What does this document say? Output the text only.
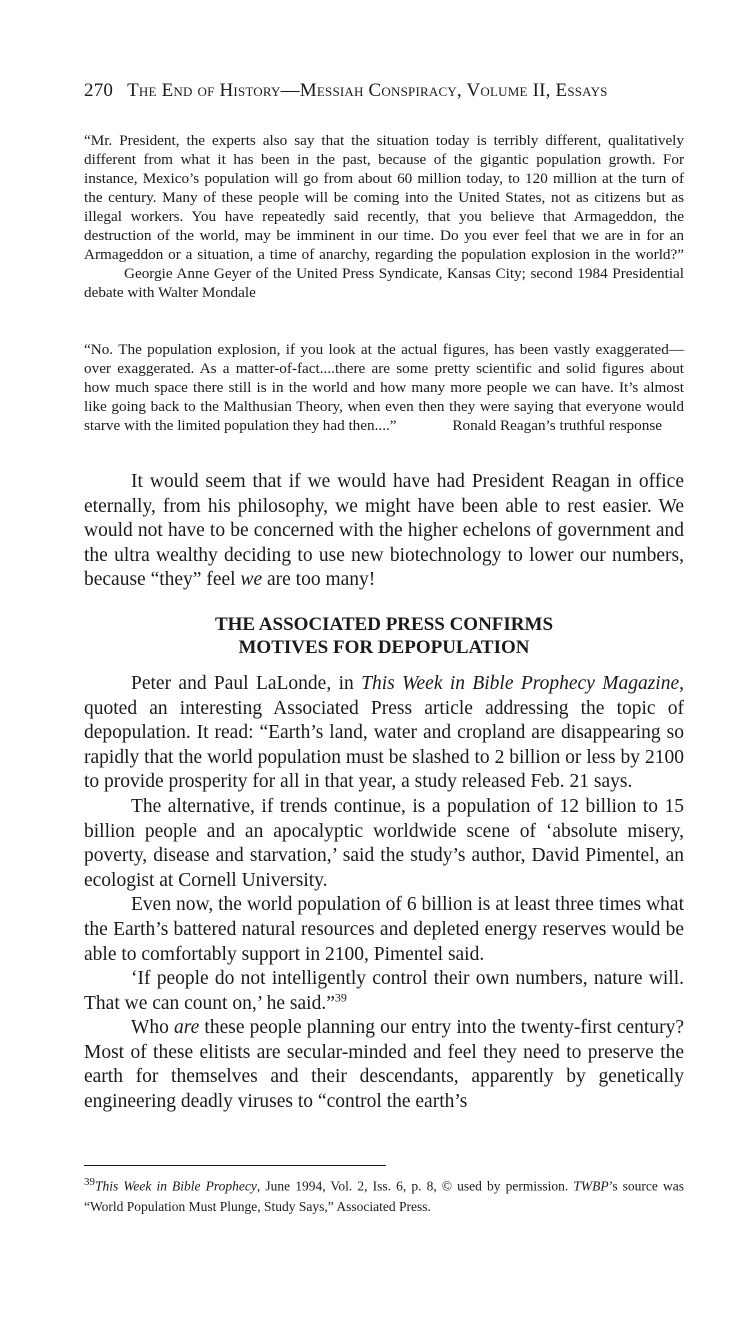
270 The End of History—Messiah Conspiracy, Volume II, Essays
“Mr. President, the experts also say that the situation today is terribly different, qualitatively different from what it has been in the past, because of the gigantic population growth. For instance, Mexico’s population will go from about 60 million today, to 120 million at the turn of the century. Many of these people will be coming into the United States, not as citizens but as illegal workers. You have repeatedly said recently, that you believe that Armageddon, the destruction of the world, may be imminent in our time. Do you ever feel that we are in for an Armageddon or a situation, a time of anarchy, regarding the population explosion in the world?” Georgie Anne Geyer of the United Press Syndicate, Kansas City; second 1984 Presidential debate with Walter Mondale
“No. The population explosion, if you look at the actual figures, has been vastly exaggerated—over exaggerated. As a matter-of-fact....there are some pretty scientific and solid figures about how much space there still is in the world and how many more people we can have. It’s almost like going back to the Malthusian Theory, when even then they were saying that everyone would starve with the limited population they had then....”	Ronald Reagan’s truthful response

It would seem that if we would have had President Reagan in office eternally, from his philosophy, we might have been able to rest easier. We would not have to be concerned with the higher echelons of government and the ultra wealthy deciding to use new biotechnology to lower our numbers, because “they” feel we are too many!

THE ASSOCIATED PRESS CONFIRMS
MOTIVES FOR DEPOPULATION

Peter and Paul LaLonde, in This Week in Bible Prophecy Magazine, quoted an interesting Associated Press article addressing the topic of depopulation. It read: “Earth’s land, water and cropland are disappearing so rapidly that the world population must be slashed to 2 billion or less by 2100 to provide prosperity for all in that year, a study released Feb. 21 says.

The alternative, if trends continue, is a population of 12 billion to 15 billion people and an apocalyptic worldwide scene of ‘absolute misery, poverty, disease and starvation,’ said the study’s author, David Pimentel, an ecologist at Cornell University.

Even now, the world population of 6 billion is at least three times what the Earth’s battered natural resources and depleted energy reserves would be able to comfortably support in 2100, Pimentel said.

‘If people do not intelligently control their own numbers, nature will. That we can count on,’ he said.”$^{39}$

Who are these people planning our entry into the twenty-first century? Most of these elitists are secular-minded and feel they need to preserve the earth for themselves and their descendants, apparently by genetically engineering deadly viruses to “control the earth’s

$^{39}$This Week in Bible Prophecy, June 1994, Vol. 2, Iss. 6, p. 8, © used by permission. TWBP’s source was “World Population Must Plunge, Study Says,” Associated Press.
